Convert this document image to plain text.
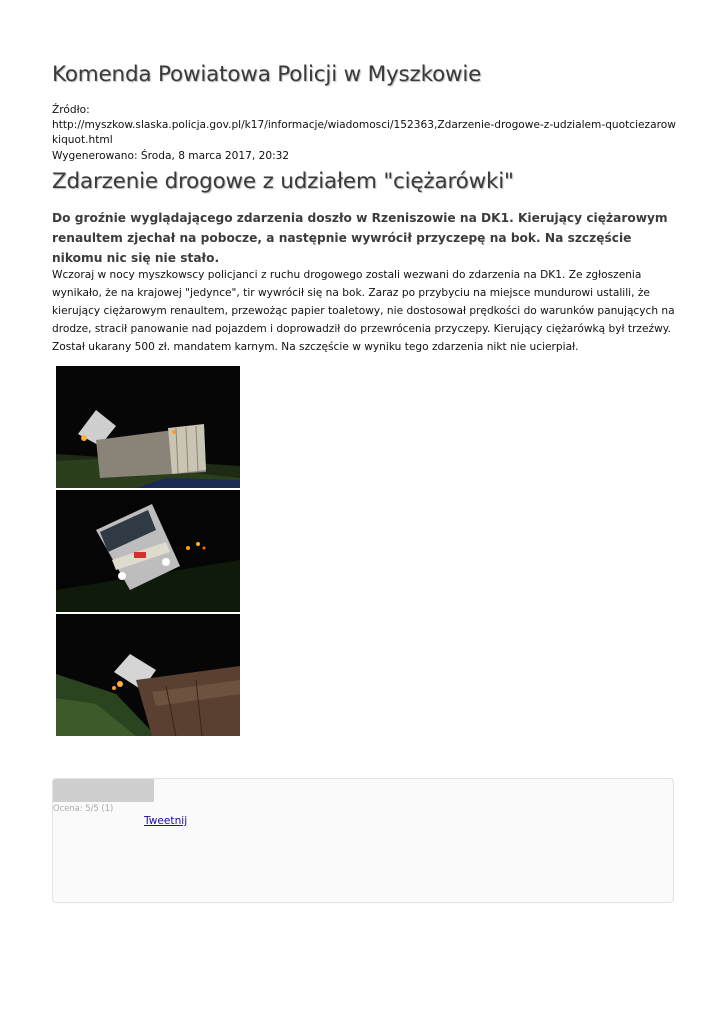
Komenda Powiatowa Policji w Myszkowie
Źródło:
http://myszkow.slaska.policja.gov.pl/k17/informacje/wiadomosci/152363,Zdarzenie-drogowe-z-udzialem-quotciezarowkiquot.html
Wygenerowano: Środa, 8 marca 2017, 20:32
Zdarzenie drogowe z udziałem "ciężarówki"

Do groźnie wyglądającego zdarzenia doszło w Rzeniszowie na DK1. Kierujący ciężarowym renaultem zjechał na pobocze, a następnie wywrócił przyczepę na bok. Na szczęście nikomu nic się nie stało.

Wczoraj w nocy myszkowscy policjanci z ruchu drogowego zostali wezwani do zdarzenia na DK1. Ze zgłoszenia wynikało, że na krajowej "jedynce", tir wywrócił się na bok. Zaraz po przybyciu na miejsce mundurowi ustalili, że kierujący ciężarowym renaultem, przewożąc papier toaletowy, nie dostosował prędkości do warunków panujących na drodze, stracił panowanie nad pojazdem i doprowadził do przewrócenia przyczepy. Kierujący ciężarówką był trzeźwy. Został ukarany 500 zł. mandatem karnym. Na szczęście w wyniku tego zdarzenia nikt nie ucierpiał.

Ocena: 5/5 (1)
Tweetnij
